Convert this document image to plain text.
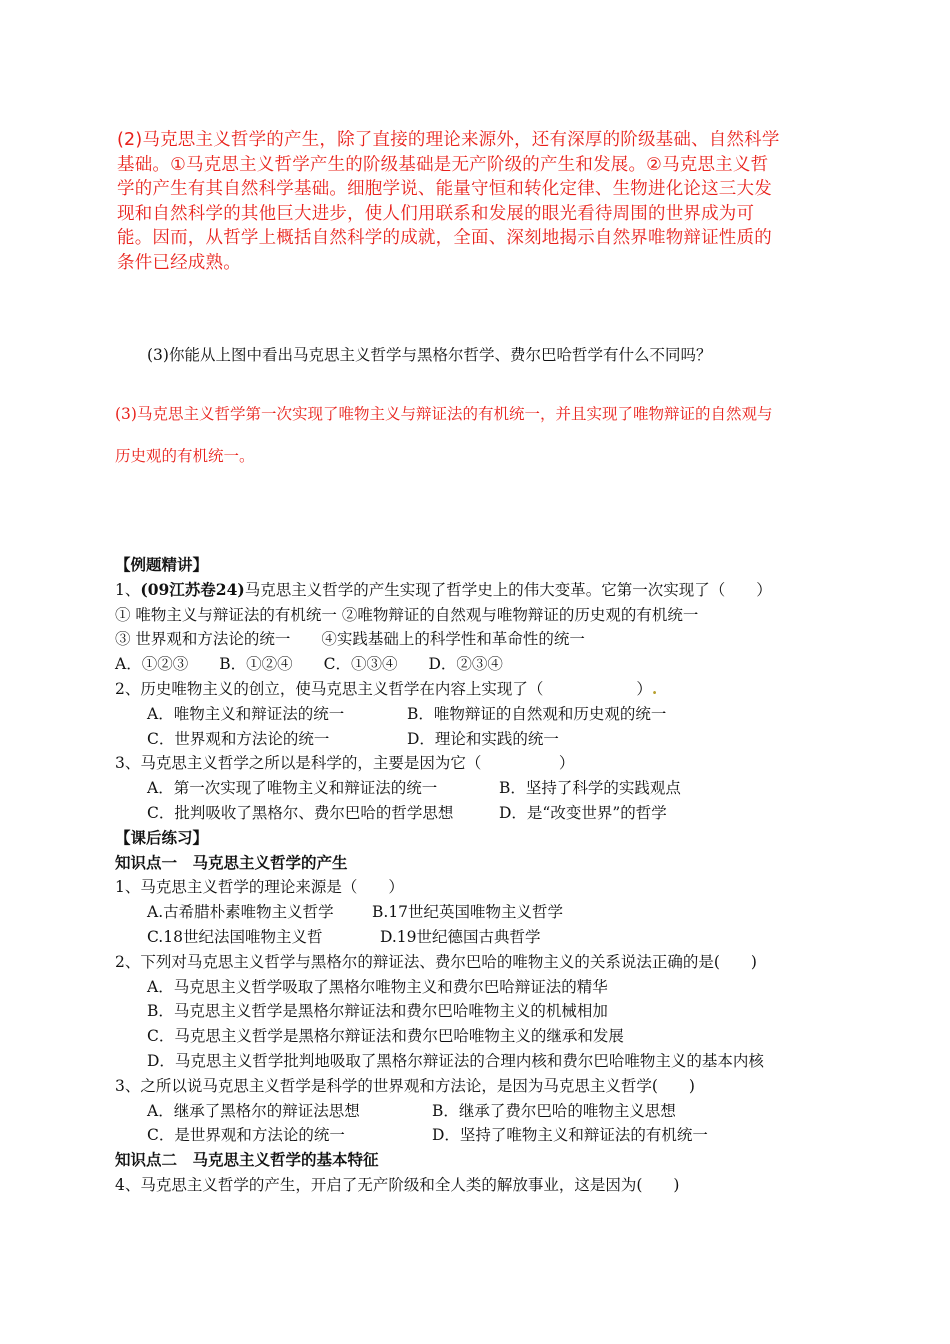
(2)马克思主义哲学的产生，除了直接的理论来源外，还有深厚的阶级基础、自然科学
基础。①马克思主义哲学产生的阶级基础是无产阶级的产生和发展。②马克思主义哲
学的产生有其自然科学基础。细胞学说、能量守恒和转化定律、生物进化论这三大发
现和自然科学的其他巨大进步，使人们用联系和发展的眼光看待周围的世界成为可
能。因而，从哲学上概括自然科学的成就，全面、深刻地揭示自然界唯物辩证性质的
条件已经成熟。
(3)你能从上图中看出马克思主义哲学与黑格尔哲学、费尔巴哈哲学有什么不同吗？
(3)马克思主义哲学第一次实现了唯物主义与辩证法的有机统一，并且实现了唯物辩证的自然观与
历史观的有机统一。
【例题精讲】
1、(09江苏卷24)马克思主义哲学的产生实现了哲学史上的伟大变革。它第一次实现了（　　）
① 唯物主义与辩证法的有机统一 ②唯物辩证的自然观与唯物辩证的历史观的有机统一
③ 世界观和方法论的统一　　④实践基础上的科学性和革命性的统一
A．①②③　　B．①②④　　C．①③④　　D．②③④
2、历史唯物主义的创立，使马克思主义哲学在内容上实现了（　　　　　　）.
A．唯物主义和辩证法的统一	B．唯物辩证的自然观和历史观的统一
C．世界观和方法论的统一	D．理论和实践的统一
3、马克思主义哲学之所以是科学的，主要是因为它（　　　　　）
A．第一次实现了唯物主义和辩证法的统一	B．坚持了科学的实践观点
C．批判吸收了黑格尔、费尔巴哈的哲学思想	D．是“改变世界”的哲学
【课后练习】
知识点一　马克思主义哲学的产生
1、马克思主义哲学的理论来源是（　　）
A.古希腊朴素唯物主义哲学 B.17世纪英国唯物主义哲学
C.18世纪法国唯物主义哲	D.19世纪德国古典哲学
2、下列对马克思主义哲学与黑格尔的辩证法、费尔巴哈的唯物主义的关系说法正确的是(　　)
A．马克思主义哲学吸取了黑格尔唯物主义和费尔巴哈辩证法的精华
B．马克思主义哲学是黑格尔辩证法和费尔巴哈唯物主义的机械相加
C．马克思主义哲学是黑格尔辩证法和费尔巴哈唯物主义的继承和发展
D．马克思主义哲学批判地吸取了黑格尔辩证法的合理内核和费尔巴哈唯物主义的基本内核
3、之所以说马克思主义哲学是科学的世界观和方法论，是因为马克思主义哲学(　　)
A．继承了黑格尔的辩证法思想	B．继承了费尔巴哈的唯物主义思想
C．是世界观和方法论的统一	D．坚持了唯物主义和辩证法的有机统一
知识点二　马克思主义哲学的基本特征
4、马克思主义哲学的产生，开启了无产阶级和全人类的解放事业，这是因为(　　)
